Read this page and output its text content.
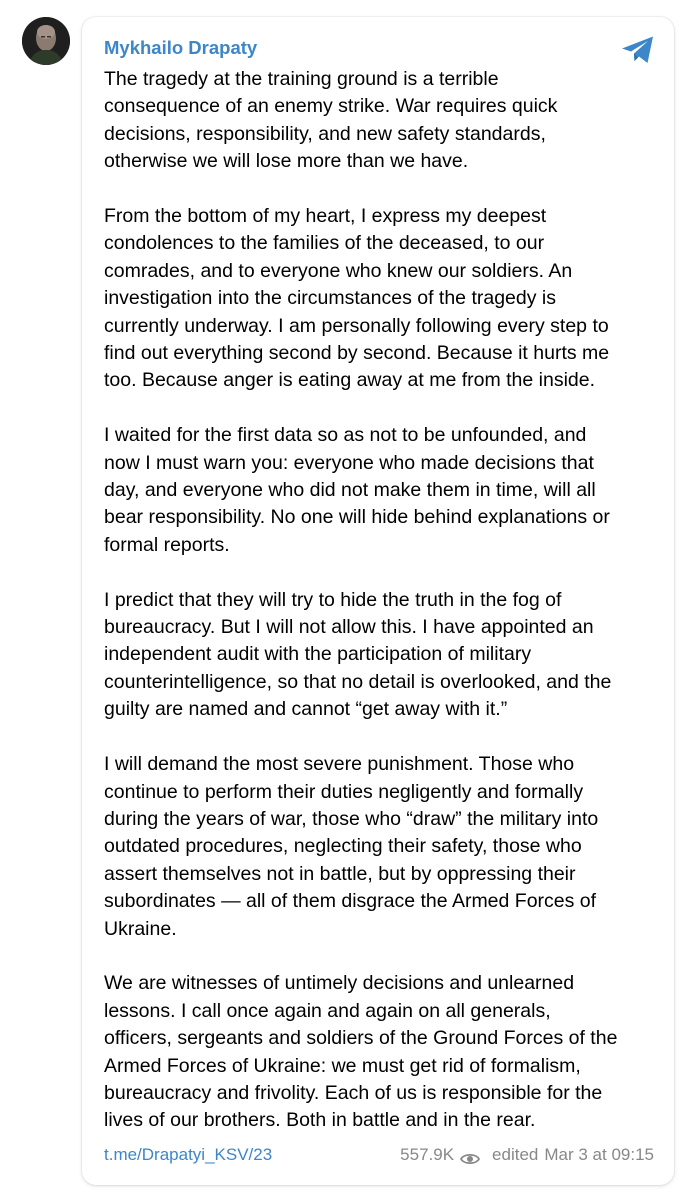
Mykhailo Drapaty

The tragedy at the training ground is a terrible
consequence of an enemy strike. War requires quick
decisions, responsibility, and new safety standards,
otherwise we will lose more than we have.

From the bottom of my heart, I express my deepest
condolences to the families of the deceased, to our
comrades, and to everyone who knew our soldiers. An
investigation into the circumstances of the tragedy is
currently underway. I am personally following every step to
find out everything second by second. Because it hurts me
too. Because anger is eating away at me from the inside.

I waited for the first data so as not to be unfounded, and
now I must warn you: everyone who made decisions that
day, and everyone who did not make them in time, will all
bear responsibility. No one will hide behind explanations or
formal reports.

I predict that they will try to hide the truth in the fog of
bureaucracy. But I will not allow this. I have appointed an
independent audit with the participation of military
counterintelligence, so that no detail is overlooked, and the
guilty are named and cannot “get away with it.”

I will demand the most severe punishment. Those who
continue to perform their duties negligently and formally
during the years of war, those who “draw” the military into
outdated procedures, neglecting their safety, those who
assert themselves not in battle, but by oppressing their
subordinates — all of them disgrace the Armed Forces of
Ukraine.

We are witnesses of untimely decisions and unlearned
lessons. I call once again and again on all generals,
officers, sergeants and soldiers of the Ground Forces of the
Armed Forces of Ukraine: we must get rid of formalism,
bureaucracy and frivolity. Each of us is responsible for the
lives of our brothers. Both in battle and in the rear.

t.me/Drapatyi_KSV/23	557.9K edited Mar 3 at 09:15
